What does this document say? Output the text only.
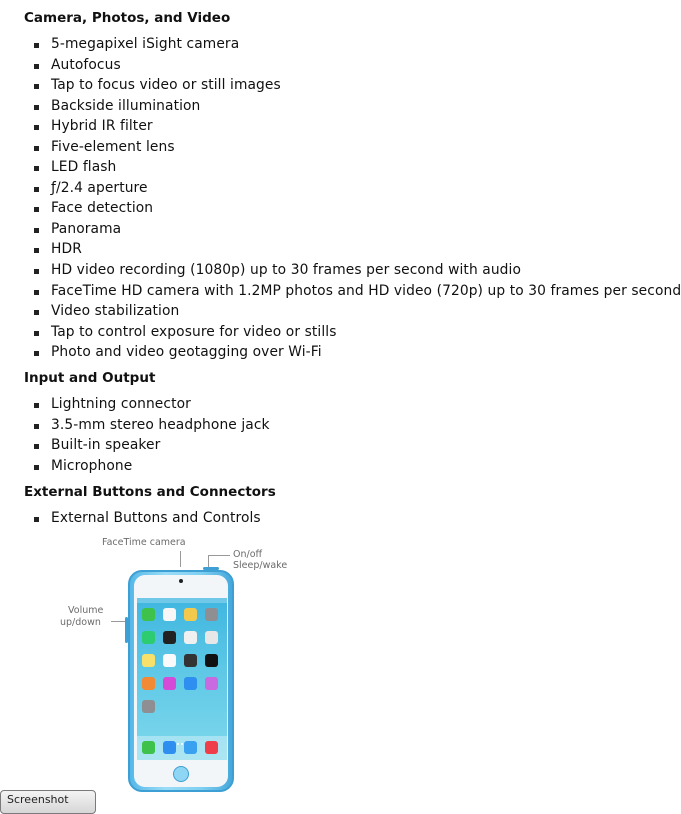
Camera, Photos, and Video
5-megapixel iSight camera
Autofocus
Tap to focus video or still images
Backside illumination
Hybrid IR filter
Five-element lens
LED flash
ƒ/2.4 aperture
Face detection
Panorama
HDR
HD video recording (1080p) up to 30 frames per second with audio
FaceTime HD camera with 1.2MP photos and HD video (720p) up to 30 frames per second
Video stabilization
Tap to control exposure for video or stills
Photo and video geotagging over Wi-Fi
Input and Output
Lightning connector
3.5-mm stereo headphone jack
Built-in speaker
Microphone
External Buttons and Connectors
External Buttons and Controls
FaceTime camera
On/off
Sleep/wake
Volume
up/down
Screenshot
